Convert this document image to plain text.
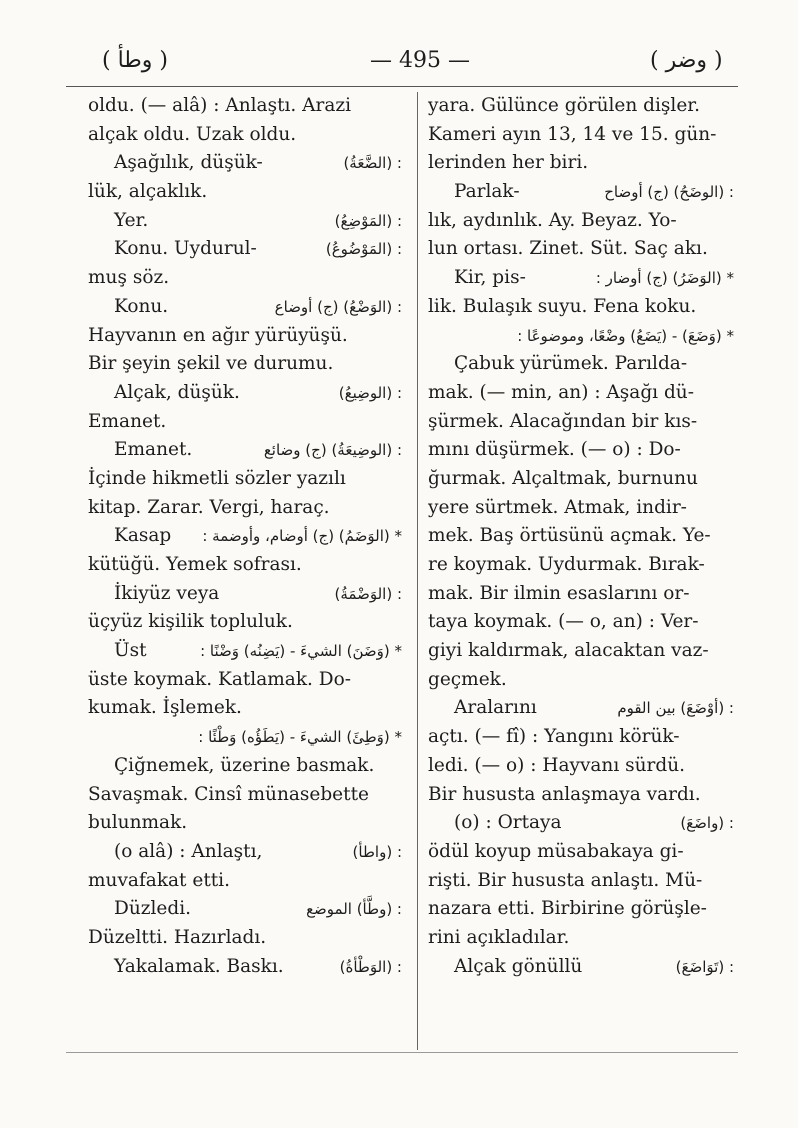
( وطأ )	— 495 —	( وضر )
oldu. (— alâ) : Anlaştı. Arazi
alçak oldu. Uzak oldu.
Aşağılık, düşük-	: (الضَّعَةُ)
lük, alçaklık.
Yer.	: (المَوْضِعُ)
Konu. Uydurul-	: (المَوْضُوعُ)
muş söz.
Konu.	: (الوَضْعُ) (ج) أوضاع
Hayvanın en ağır yürüyüşü.
Bir şeyin şekil ve durumu.
Alçak, düşük.	: (الوضِيعُ)
Emanet.
Emanet.	: (الوضِيعَةُ) (ج) وضائع
İçinde hikmetli sözler yazılı
kitap. Zarar. Vergi, haraç.
Kasap * (الوَضَمُ) (ج) أوضام، وأوضمة :
kütüğü. Yemek sofrası.
İkiyüz veya	: (الوَضْمَةُ)
üçyüz kişilik topluluk.
Üst	* (وَضَنَ) الشيءَ - (يَضِنُه) وَضْنًا :
üste koymak. Katlamak. Do-
kumak. İşlemek.
* (وَطِئَ) الشيءَ - (يَطَؤُه) وَطْئًا :
Çiğnemek, üzerine basmak.
Savaşmak. Cinsî münasebette
bulunmak.
(o alâ) : Anlaştı,	: (واطأ)
muvafakat etti.
Düzledi.	: (وطَّأ) الموضع
Düzeltti. Hazırladı.
Yakalamak. Baskı.	: (الوَطْأةُ)
yara. Gülünce görülen dişler.
Kameri ayın 13, 14 ve 15. gün-
lerinden her biri.
Parlak-	: (الوضَحُ) (ج) أوضاح
lık, aydınlık. Ay. Beyaz. Yo-
lun ortası. Zinet. Süt. Saç akı.
Kir, pis-	* (الوَضَرُ) (ج) أوضار :
lik. Bulaşık suyu. Fena koku.
* (وَضَعَ) - (يَضَعُ) وضْعًا، وموضوعًا :
Çabuk yürümek. Parılda-
mak. (— min, an) : Aşağı dü-
şürmek. Alacağından bir kıs-
mını düşürmek. (— o) : Do-
ğurmak. Alçaltmak, burnunu
yere sürtmek. Atmak, indir-
mek. Baş örtüsünü açmak. Ye-
re koymak. Uydurmak. Bırak-
mak. Bir ilmin esaslarını or-
taya koymak. (— o, an) : Ver-
giyi kaldırmak, alacaktan vaz-
geçmek.
Aralarını	: (أوْضَعَ) بين القوم
açtı. (— fî) : Yangını körük-
ledi. (— o) : Hayvanı sürdü.
Bir hususta anlaşmaya vardı.
(o) : Ortaya	: (واضَعَ)
ödül koyup müsabakaya gi-
rişti. Bir hususta anlaştı. Mü-
nazara etti. Birbirine görüşle-
rini açıkladılar.
Alçak gönüllü	: (تَوَاضَعَ)
